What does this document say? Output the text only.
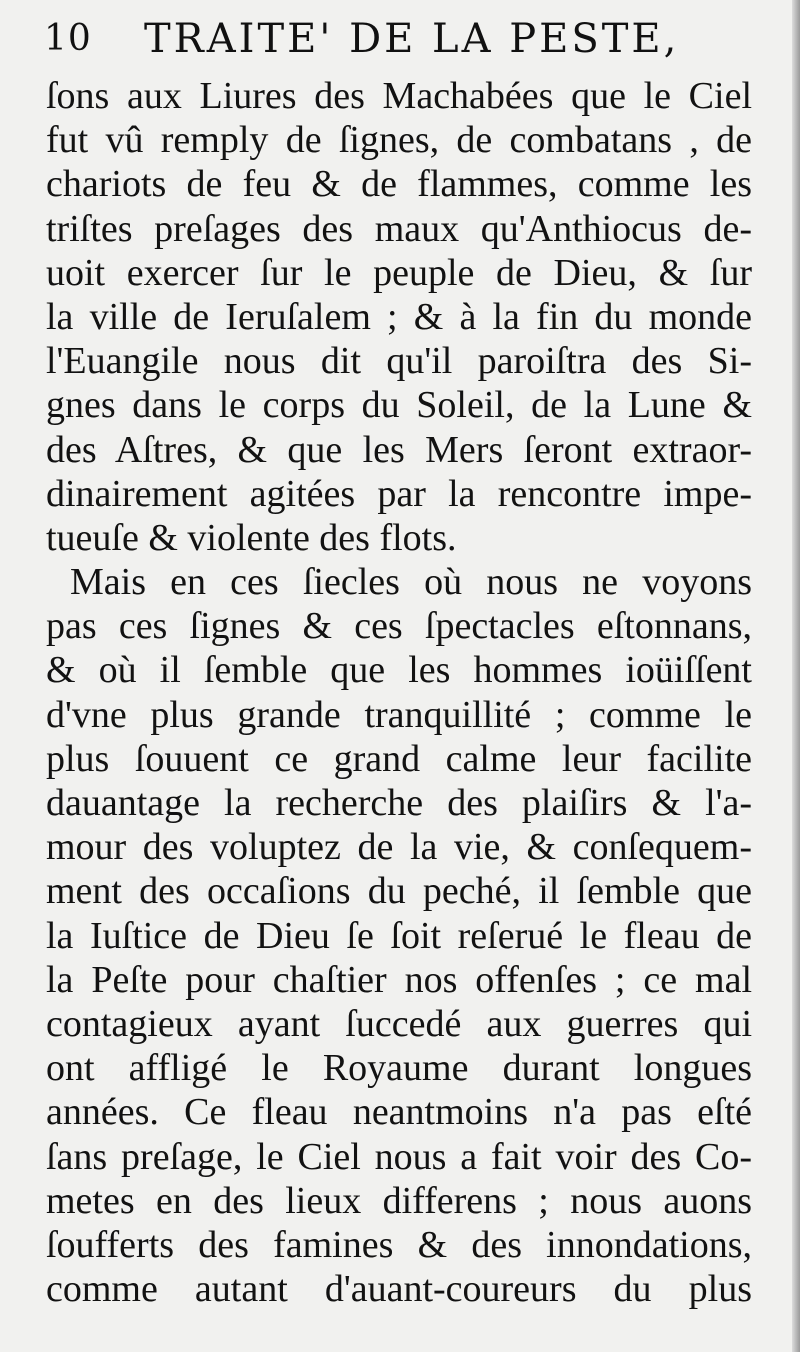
10 TRAITE' DE LA PESTE,
ſons aux Liures des Machabées que le Ciel
fut vû remply de ſignes, de combatans , de
chariots de feu & de flammes, comme les
triſtes preſages des maux qu'Anthiocus de-
uoit exercer ſur le peuple de Dieu, & ſur
la ville de Ieruſalem ; & à la fin du monde
l'Euangile nous dit qu'il paroiſtra des Si-
gnes dans le corps du Soleil, de la Lune &
des Aſtres, & que les Mers ſeront extraor-
dinairement agitées par la rencontre impe-
tueuſe & violente des flots.
Mais en ces ſiecles où nous ne voyons
pas ces ſignes & ces ſpectacles eſtonnans,
& où il ſemble que les hommes ioüiſſent
d'vne plus grande tranquillité ; comme le
plus ſouuent ce grand calme leur facilite
dauantage la recherche des plaiſirs & l'a-
mour des voluptez de la vie, & conſequem-
ment des occaſions du peché, il ſemble que
la Iuſtice de Dieu ſe ſoit reſerué le fleau de
la Peſte pour chaſtier nos offenſes ; ce mal
contagieux ayant ſuccedé aux guerres qui
ont affligé le Royaume durant longues
années. Ce fleau neantmoins n'a pas eſté
ſans preſage, le Ciel nous a fait voir des Co-
metes en des lieux differens ; nous auons
ſoufferts des famines & des innondations,
comme autant d'auant-coureurs du plus
